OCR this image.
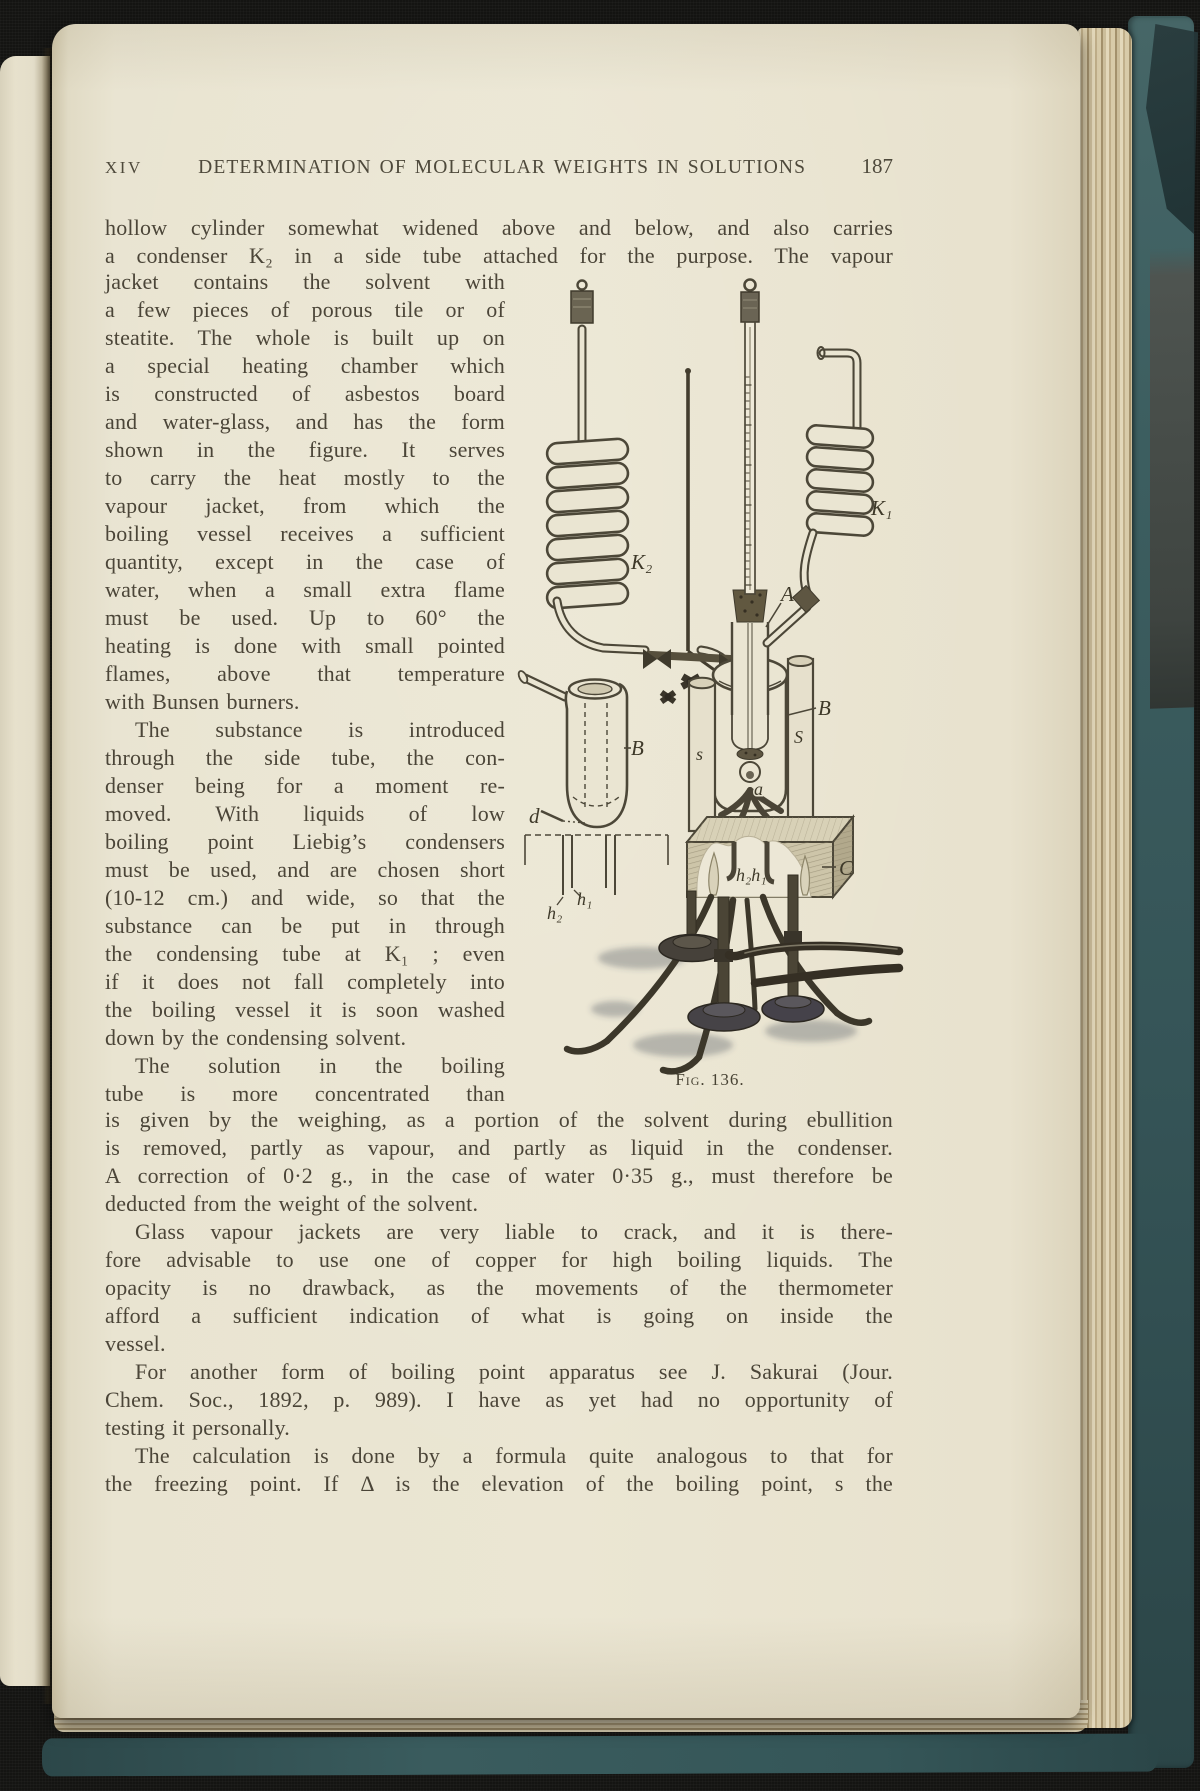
XIV	DETERMINATION OF MOLECULAR WEIGHTS IN SOLUTIONS	187
hollow cylinder somewhat widened above and below, and also carries
a condenser K₂ in a side tube attached for the purpose. The vapour
jacket contains the solvent with
a few pieces of porous tile or of
steatite. The whole is built up on
a special heating chamber which
is constructed of asbestos board
and water-glass, and has the form
shown in the figure. It serves
to carry the heat mostly to the
vapour jacket, from which the
boiling vessel receives a sufficient
quantity, except in the case of
water, when a small extra flame
must be used. Up to 60° the
heating is done with small pointed
flames, above that temperature
with Bunsen burners.
The substance is introduced
through the side tube, the con-
denser being for a moment re-
moved. With liquids of low
boiling point Liebig’s condensers
must be used, and are chosen short
(10-12 cm.) and wide, so that the
substance can be put in through
the condensing tube at K₁ ; even
if it does not fall completely into
the boiling vessel it is soon washed
down by the condensing solvent.
The solution in the boiling
tube is more concentrated than
K₂
K₁
a
s
S
A
B
h₂h₁	C
B
d
h₂
h₁
Fig. 136.
is given by the weighing, as a portion of the solvent during ebullition
is removed, partly as vapour, and partly as liquid in the condenser.
A correction of 0·2 g., in the case of water 0·35 g., must therefore be
deducted from the weight of the solvent.
Glass vapour jackets are very liable to crack, and it is there-
fore advisable to use one of copper for high boiling liquids. The
opacity is no drawback, as the movements of the thermometer
afford a sufficient indication of what is going on inside the
vessel.
For another form of boiling point apparatus see J. Sakurai (Jour.
Chem. Soc., 1892, p. 989). I have as yet had no opportunity of
testing it personally.
The calculation is done by a formula quite analogous to that for
the freezing point. If Δ is the elevation of the boiling point, s the
